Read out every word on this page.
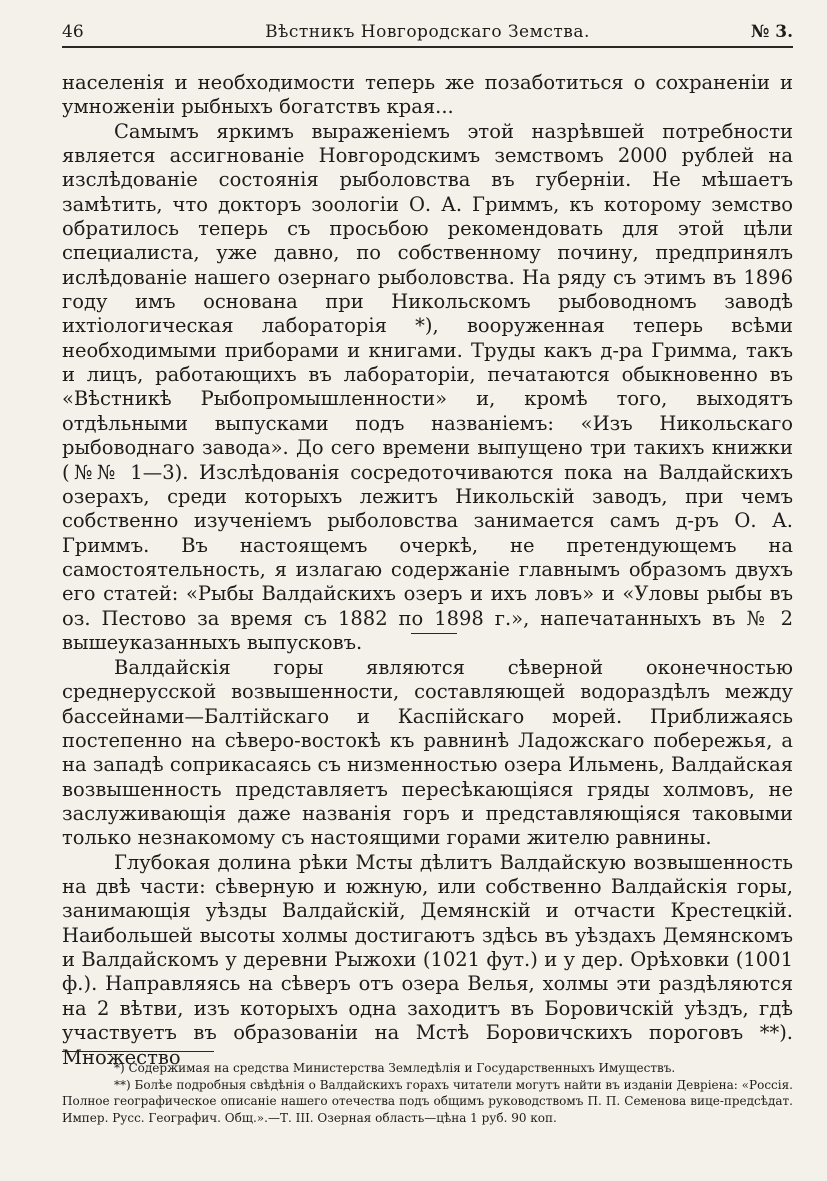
46	Вѣстникъ Новгородскаго Земства.	№ 3.

населенія и необходимости теперь же позаботиться о сохраненіи и умноженіи рыбныхъ богатствъ края...

Самымъ яркимъ выраженіемъ этой назрѣвшей потребности является ассигнованіе Новгородскимъ земствомъ 2000 рублей на изслѣдованіе состоянія рыболовства въ губерніи. Не мѣшаетъ замѣтить, что докторъ зоологіи О. А. Гриммъ, къ которому земство обратилось теперь съ просьбою рекомендовать для этой цѣли специалиста, уже давно, по собственному почину, предпринялъ ислѣдованіе нашего озернаго рыболовства. На ряду съ этимъ въ 1896 году имъ основана при Никольскомъ рыбоводномъ заводѣ ихтіологическая лабораторія *), вооруженная теперь всѣми необходимыми приборами и книгами. Труды какъ д-ра Гримма, такъ и лицъ, работающихъ въ лабораторіи, печатаются обыкновенно въ «Вѣстникѣ Рыбопромышленности» и, кромѣ того, выходятъ отдѣльными выпусками подъ названіемъ: «Изъ Никольскаго рыбоводнаго завода». До сего времени выпущено три такихъ книжки (№№ 1—3). Изслѣдованія сосредоточиваются пока на Валдайскихъ озерахъ, среди которыхъ лежитъ Никольскій заводъ, при чемъ собственно изученіемъ рыболовства занимается самъ д-ръ О. А. Гриммъ. Въ настоящемъ очеркѣ, не претендующемъ на самостоятельность, я излагаю содержаніе главнымъ образомъ двухъ его статей: «Рыбы Валдайскихъ озеръ и ихъ ловъ» и «Уловы рыбы въ оз. Пестово за время съ 1882 по 1898 г.», напечатанныхъ въ № 2 вышеуказанныхъ выпусковъ.

Валдайскія горы являются сѣверной оконечностью среднерусской возвышенности, составляющей водораздѣлъ между бассейнами—Балтійскаго и Каспійскаго морей. Приближаясь постепенно на сѣверо-востокѣ къ равнинѣ Ладожскаго побережья, а на западѣ соприкасаясь съ низменностью озера Ильмень, Валдайская возвышенность представляетъ пересѣкающіяся гряды холмовъ, не заслуживающія даже названія горъ и представляющіяся таковыми только незнакомому съ настоящими горами жителю равнины.

Глубокая долина рѣки Мсты дѣлитъ Валдайскую возвышенность на двѣ части: сѣверную и южную, или собственно Валдайскія горы, занимающія уѣзды Валдайскій, Демянскій и отчасти Крестецкій. Наибольшей высоты холмы достигаютъ здѣсь въ уѣздахъ Демянскомъ и Валдайскомъ у деревни Рыжохи (1021 фут.) и у дер. Орѣховки (1001 ф.). Направляясь на сѣверъ отъ озера Велья, холмы эти раздѣляются на 2 вѣтви, изъ которыхъ одна заходитъ въ Боровичскій уѣздъ, гдѣ участвуетъ въ образованіи на Мстѣ Боровичскихъ пороговъ **). Множество

*) Содержимая на средства Министерства Земледѣлія и Государственныхъ Имуществъ.

**) Болѣе подробныя свѣдѣнія о Валдайскихъ горахъ читатели могутъ найти въ изданіи Девріена: «Россія. Полное географическое описаніе нашего отечества подъ общимъ руководствомъ П. П. Семенова вице-предсѣдат. Импер. Русс. Географич. Общ.».—Т. III. Озерная область—цѣна 1 руб. 90 коп.
